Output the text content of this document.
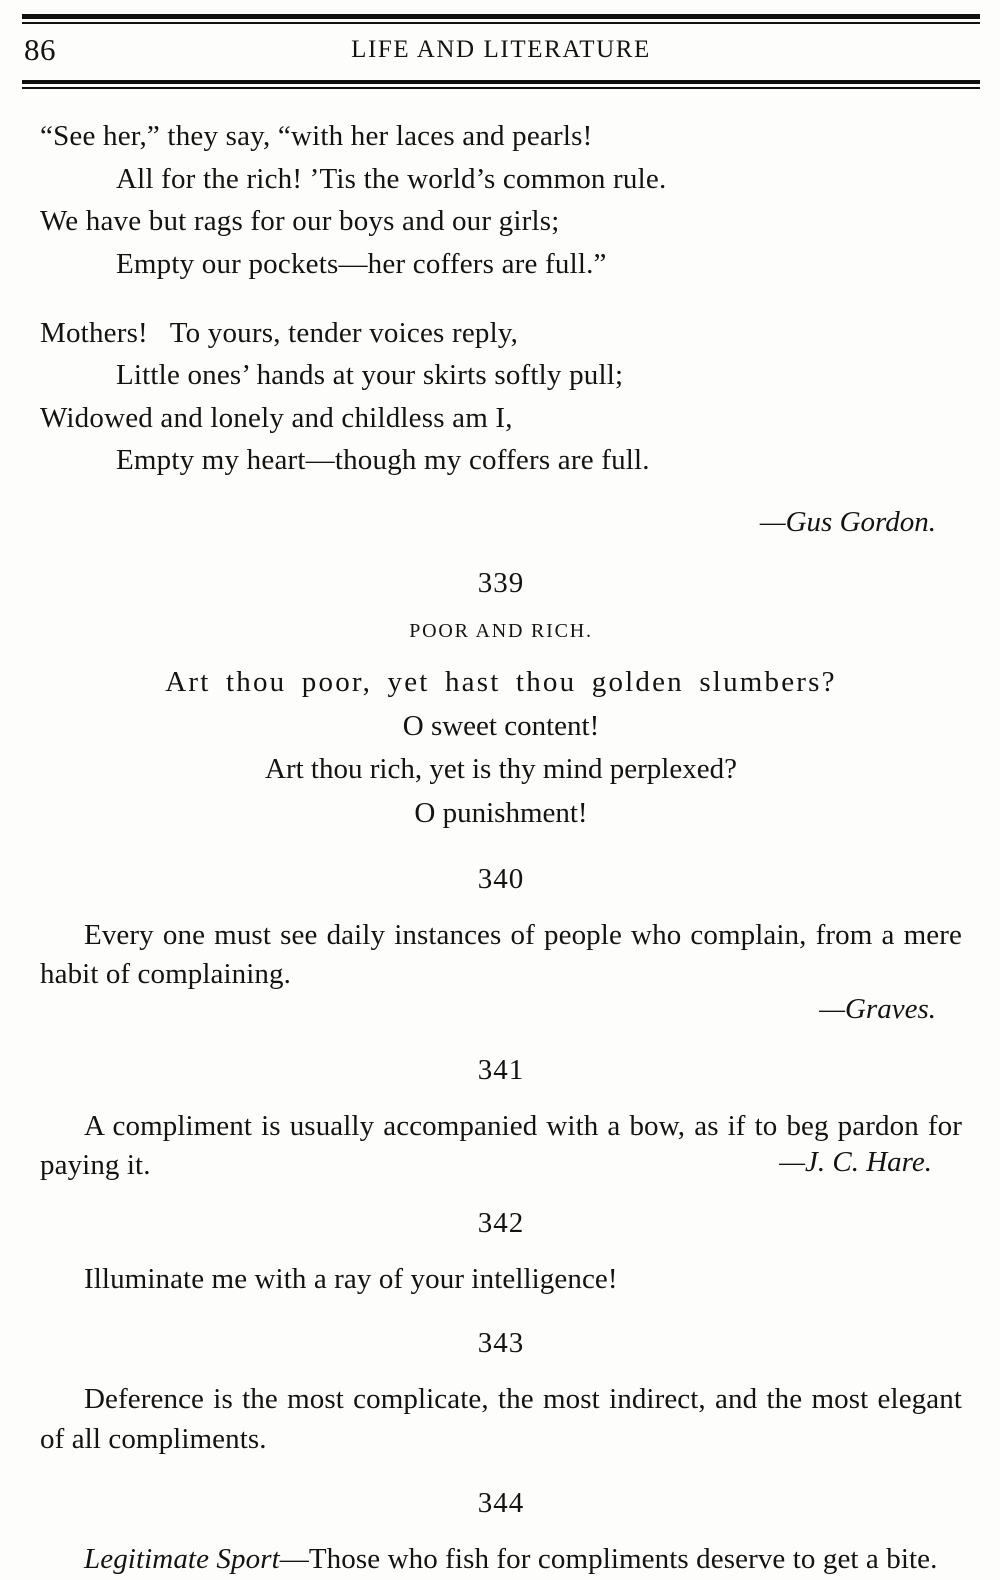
86	LIFE AND LITERATURE
“See her,” they say, “with her laces and pearls!
All for the rich! ’Tis the world’s common rule.
We have but rags for our boys and our girls;
Empty our pockets—her coffers are full.”
Mothers!   To yours, tender voices reply,
Little ones’ hands at your skirts softly pull;
Widowed and lonely and childless am I,
Empty my heart—though my coffers are full.
—Gus Gordon.
339
POOR AND RICH.
Art thou poor, yet hast thou golden slumbers?
O sweet content!
Art thou rich, yet is thy mind perplexed?
O punishment!
340
Every one must see daily instances of people who complain, from a mere habit of complaining.
—Graves.
341
A compliment is usually accompanied with a bow, as if to beg pardon for paying it.	—J. C. Hare.
342
Illuminate me with a ray of your intelligence!
343
Deference is the most complicate, the most indirect, and the most elegant of all compliments.
344
Legitimate Sport—Those who fish for compliments deserve to get a bite.
